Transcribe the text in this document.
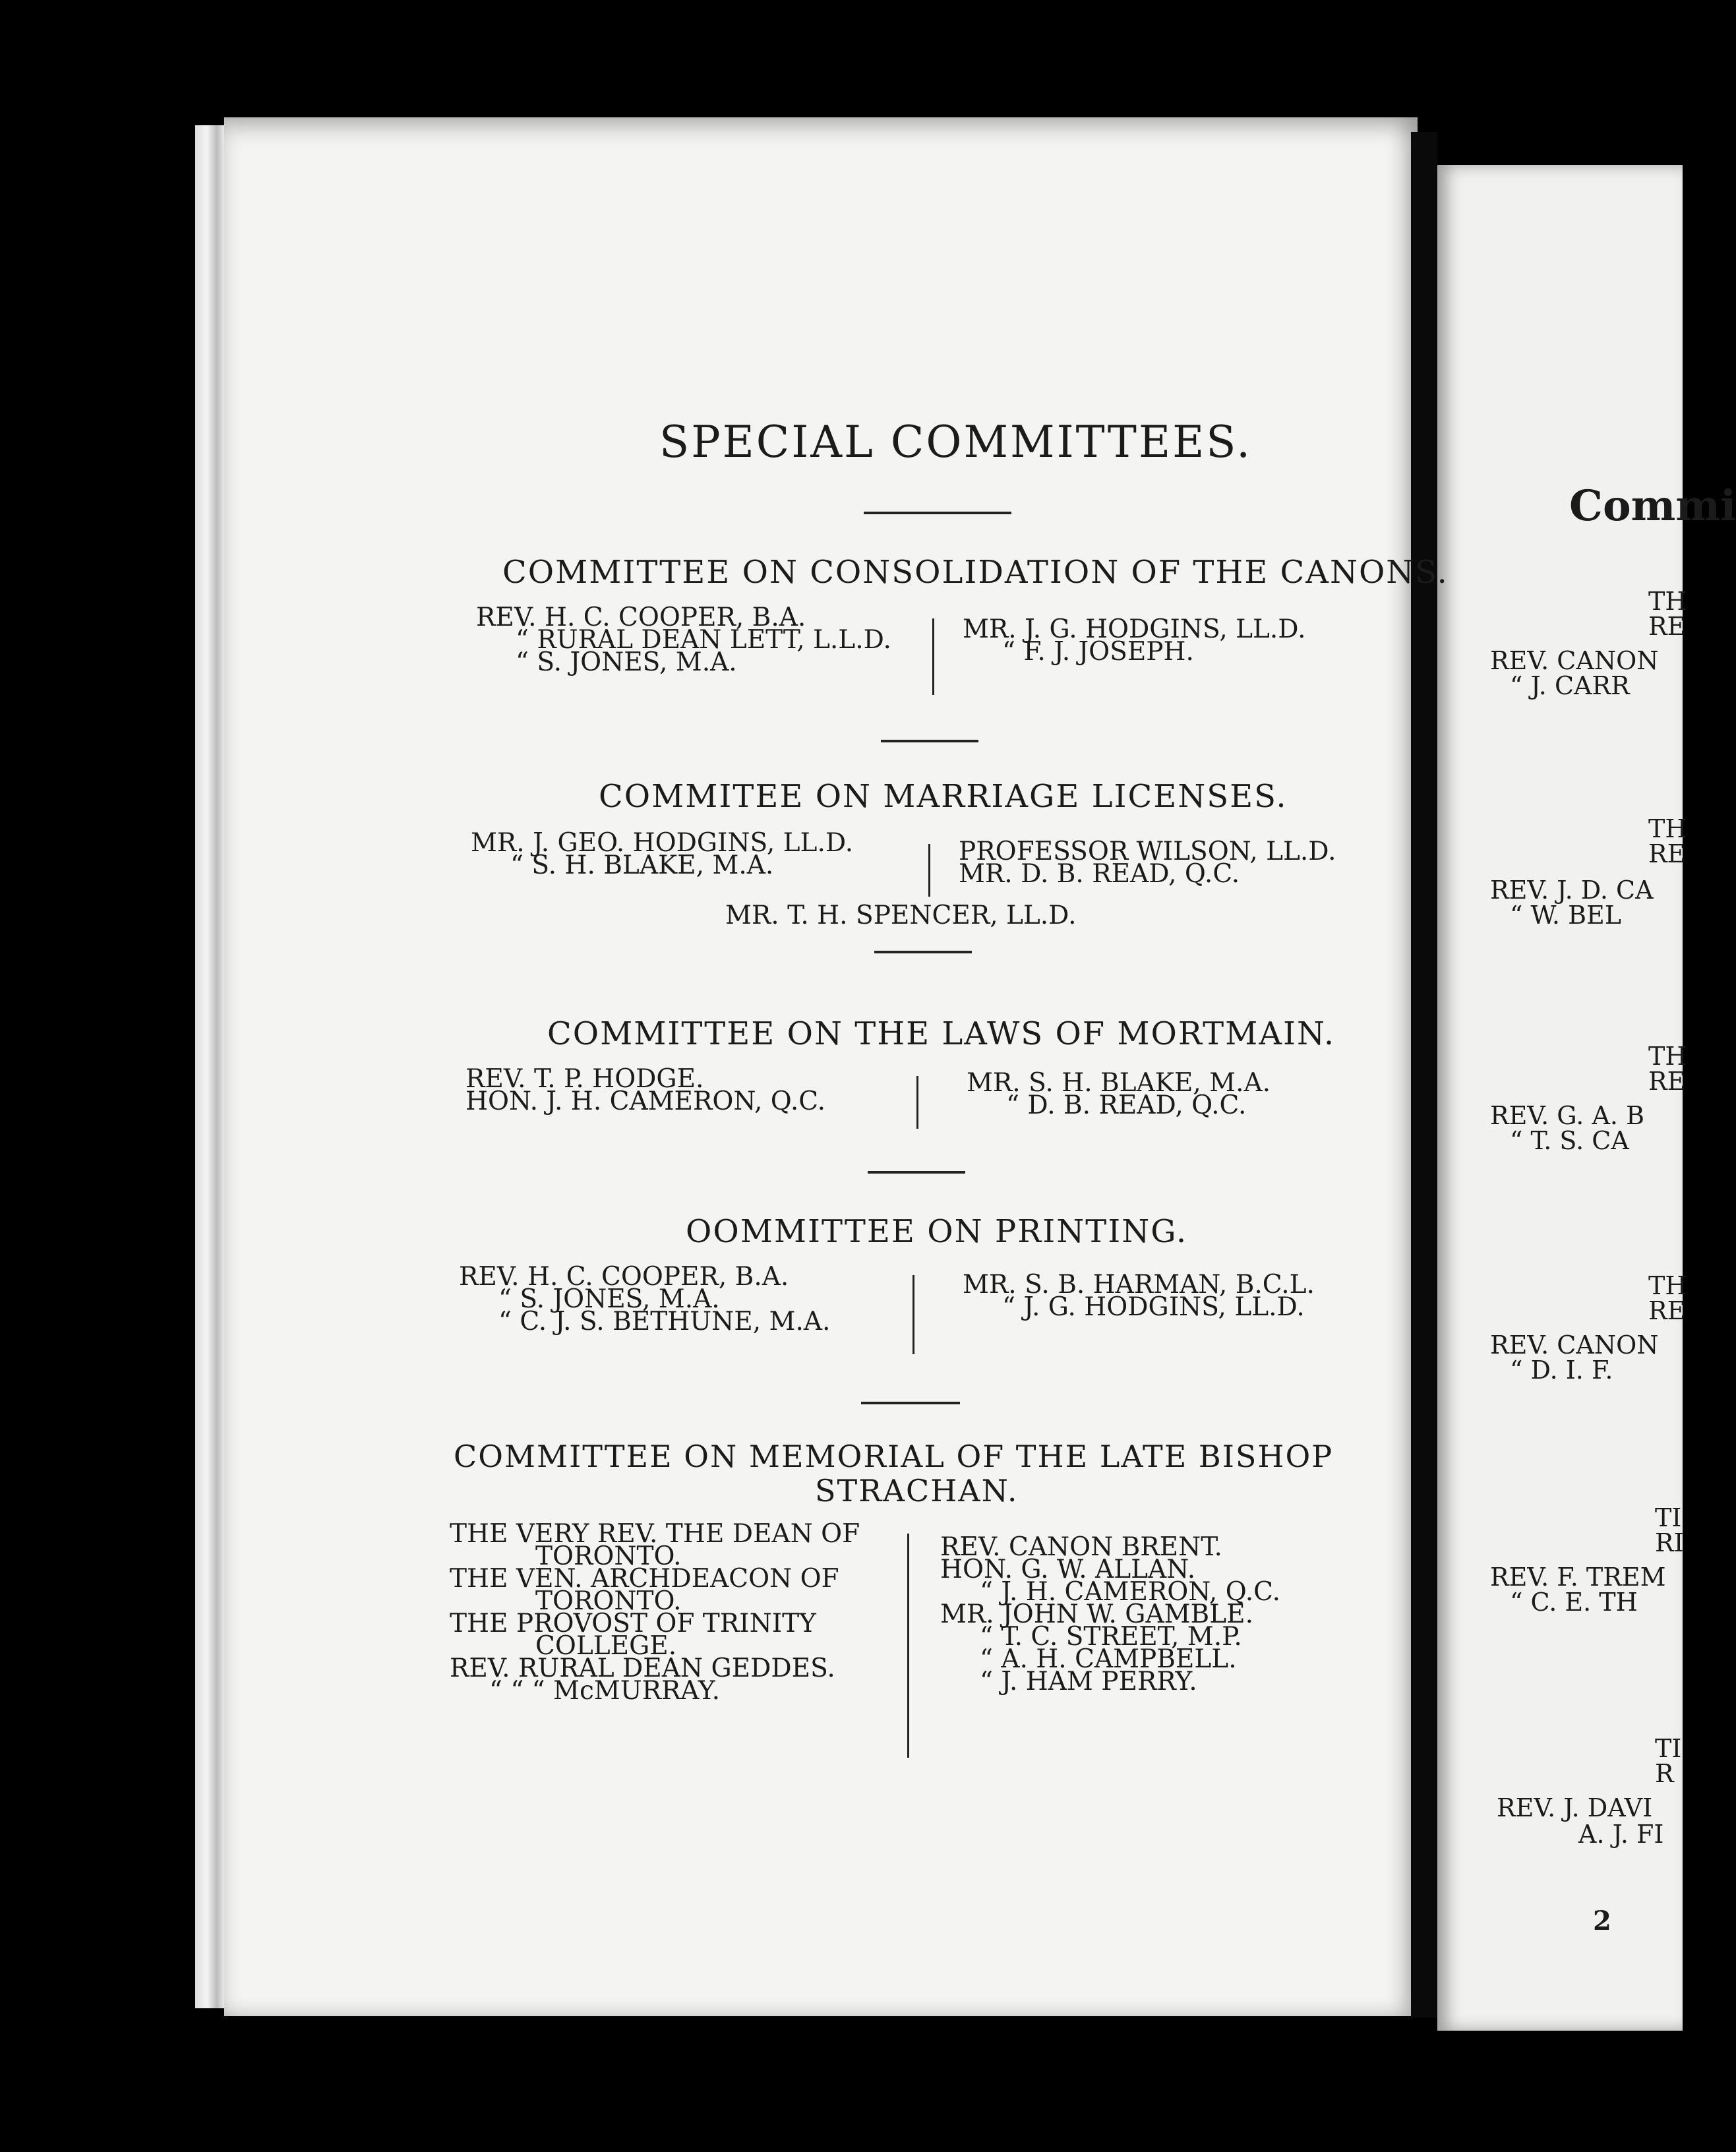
Commi
TH
RE
REV. CANON
“ J. CARR
TH
RE
REV. J. D. CA
“ W. BEL
TH
RE
REV. G. A. B
“ T. S. CA
TH
RE
REV. CANON
“ D. I. F.
TI
RI
REV. F. TREM
“ C. E. TH
TI
R
REV. J. DAVI
A. J. FI
2
SPECIAL COMMITTEES.
COMMITTEE ON CONSOLIDATION OF THE CANONS.
REV. H. C. COOPER, B.A.
“ RURAL DEAN LETT, L.L.D.
“ S. JONES, M.A.
MR. J. G. HODGINS, LL.D.
“ F. J. JOSEPH.
COMMITEE ON MARRIAGE LICENSES.
MR. J. GEO. HODGINS, LL.D.
“ S. H. BLAKE, M.A.	PROFESSOR WILSON, LL.D.
MR. D. B. READ, Q.C.
MR. T. H. SPENCER, LL.D.
COMMITTEE ON THE LAWS OF MORTMAIN.
REV. T. P. HODGE.
HON. J. H. CAMERON, Q.C.
MR. S. H. BLAKE, M.A.
“ D. B. READ, Q.C.
OOMMITTEE ON PRINTING.
REV. H. C. COOPER, B.A.
“ S. JONES, M.A.
“ C. J. S. BETHUNE, M.A.
MR. S. B. HARMAN, B.C.L.
“ J. G. HODGINS, LL.D.
COMMITTEE ON MEMORIAL OF THE LATE BISHOP
STRACHAN.
THE VERY REV. THE DEAN OF
TORONTO.
THE VEN. ARCHDEACON OF
TORONTO.
THE PROVOST OF TRINITY
COLLEGE.
REV. RURAL DEAN GEDDES.
“ “ “ McMURRAY.
REV. CANON BRENT.
HON. G. W. ALLAN.
“ J. H. CAMERON, Q.C.
MR. JOHN W. GAMBLE.
“ T. C. STREET, M.P.
“ A. H. CAMPBELL.
“ J. HAM PERRY.
